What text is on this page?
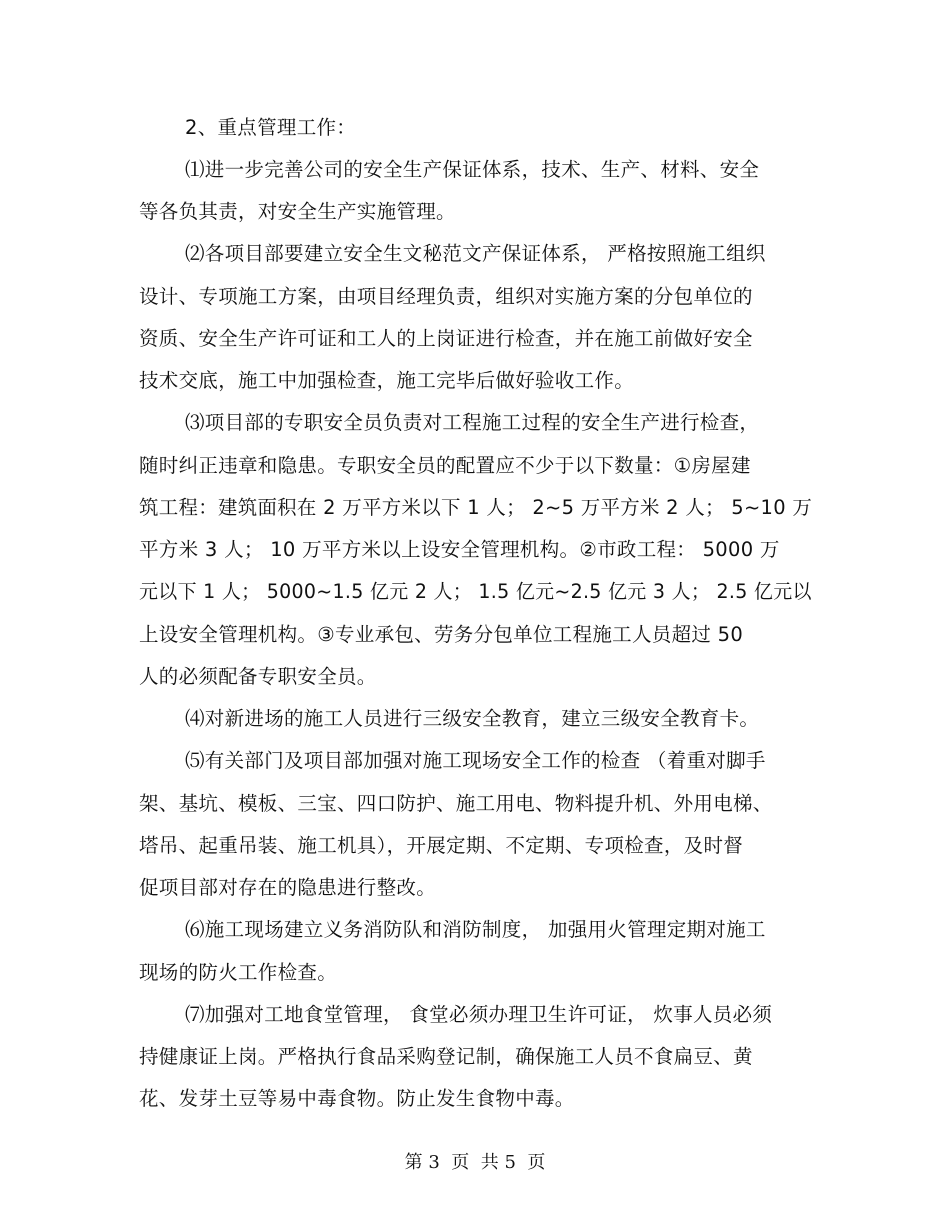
2、重点管理工作：
⑴进一步完善公司的安全生产保证体系，技术、生产、材料、安全
等各负其责，对安全生产实施管理。
⑵各项目部要建立安全生文秘范文产保证体系， 严格按照施工组织
设计、专项施工方案，由项目经理负责，组织对实施方案的分包单位的
资质、安全生产许可证和工人的上岗证进行检查，并在施工前做好安全
技术交底，施工中加强检查，施工完毕后做好验收工作。
⑶项目部的专职安全员负责对工程施工过程的安全生产进行检查，
随时纠正违章和隐患。专职安全员的配置应不少于以下数量：①房屋建
筑工程：建筑面积在 2 万平方米以下 1 人； 2~5 万平方米 2 人； 5~10 万
平方米 3 人； 10 万平方米以上设安全管理机构。②市政工程： 5000 万
元以下 1 人； 5000~1.5 亿元 2 人； 1.5 亿元~2.5 亿元 3 人； 2.5 亿元以
上设安全管理机构。③专业承包、劳务分包单位工程施工人员超过 50
人的必须配备专职安全员。
⑷对新进场的施工人员进行三级安全教育，建立三级安全教育卡。
⑸有关部门及项目部加强对施工现场安全工作的检查 （着重对脚手
架、基坑、模板、三宝、四口防护、施工用电、物料提升机、外用电梯、
塔吊、起重吊装、施工机具），开展定期、不定期、专项检查，及时督
促项目部对存在的隐患进行整改。
⑹施工现场建立义务消防队和消防制度， 加强用火管理定期对施工
现场的防火工作检查。
⑺加强对工地食堂管理， 食堂必须办理卫生许可证， 炊事人员必须
持健康证上岗。严格执行食品采购登记制，确保施工人员不食扁豆、黄
花、发芽土豆等易中毒食物。防止发生食物中毒。
第 3  页  共 5  页
